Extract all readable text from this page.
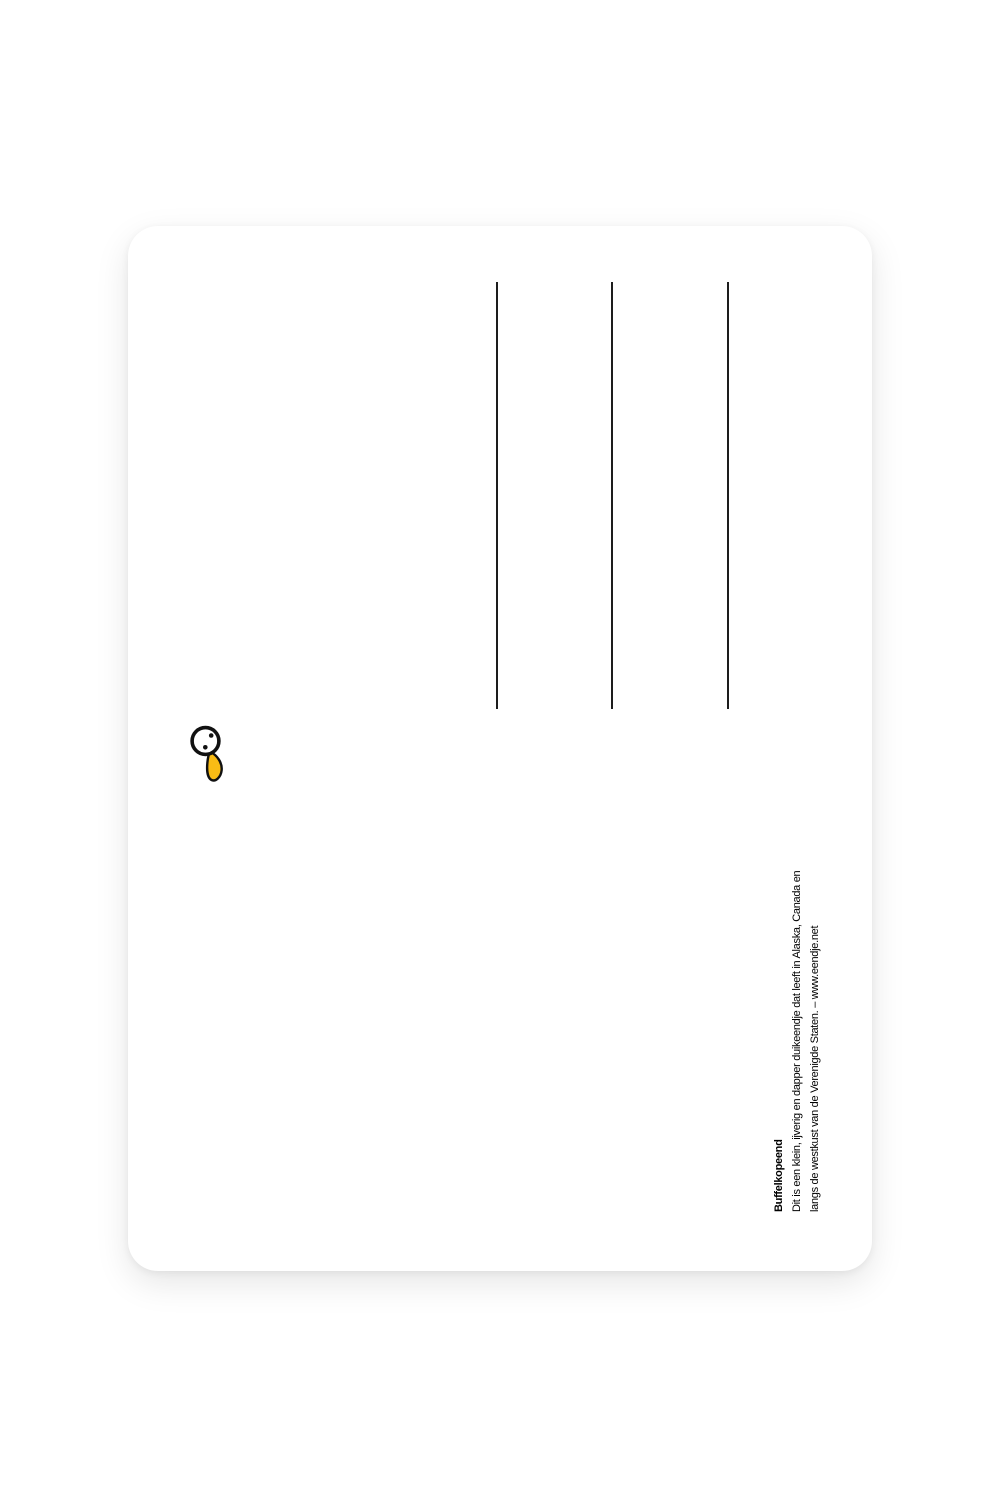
Buffelkopeend Dit is een klein, ijverig en dapper duikeendje dat leeft in Alaska, Canada en langs de westkust van de Verenigde Staten. – www.eendje.net
